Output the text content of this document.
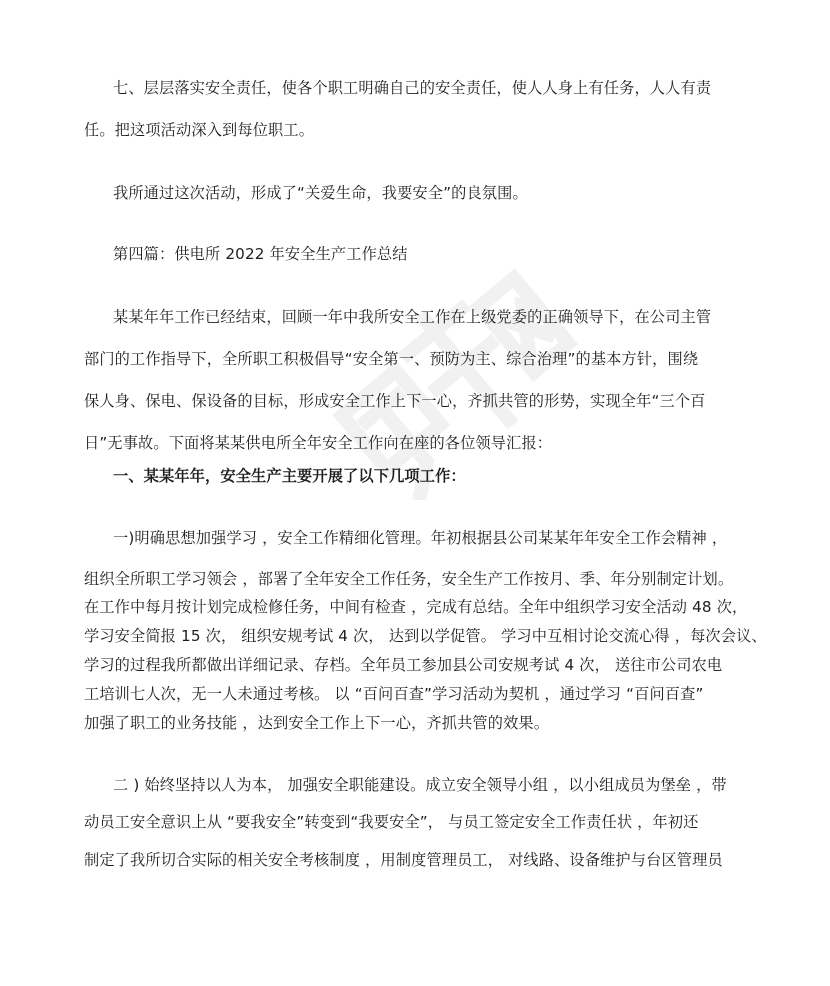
七、层层落实安全责任，使各个职工明确自己的安全责任，使人人身上有任务，人人有责
任。把这项活动深入到每位职工。
我所通过这次活动，形成了“关爱生命，我要安全”的良氛围。
第四篇：供电所 2022 年安全生产工作总结
某某年年工作已经结束，回顾一年中我所安全工作在上级党委的正确领导下，在公司主管
部门的工作指导下，全所职工积极倡导“安全第一、预防为主、综合治理”的基本方针，围绕
保人身、保电、保设备的目标，形成安全工作上下一心，齐抓共管的形势，实现全年“三个百
日”无事故。下面将某某供电所全年安全工作向在座的各位领导汇报：
一、某某年年，安全生产主要开展了以下几项工作：
一)明确思想加强学习 ，安全工作精细化管理。年初根据县公司某某年年安全工作会精神 ，
组织全所职工学习领会 ，部署了全年安全工作任务，安全生产工作按月、季、年分别制定计划。
在工作中每月按计划完成检修任务，中间有检查 ，完成有总结。全年中组织学习安全活动 48 次，
学习安全简报 15 次， 组织安规考试 4 次， 达到以学促管。 学习中互相讨论交流心得 ，每次会议、
学习的过程我所都做出详细记录、存档。全年员工参加县公司安规考试 4 次， 送往市公司农电
工培训七人次，无一人未通过考核。 以 “百问百查”学习活动为契机 ，通过学习 “百问百查”
加强了职工的业务技能 ，达到安全工作上下一心，齐抓共管的效果。
二 ) 始终坚持以人为本， 加强安全职能建设。成立安全领导小组 ，以小组成员为堡垒 ，带
动员工安全意识上从 “要我安全”转变到“我要安全”， 与员工签定安全工作责任状 ，年初还
制定了我所切合实际的相关安全考核制度 ，用制度管理员工， 对线路、设备维护与台区管理员
